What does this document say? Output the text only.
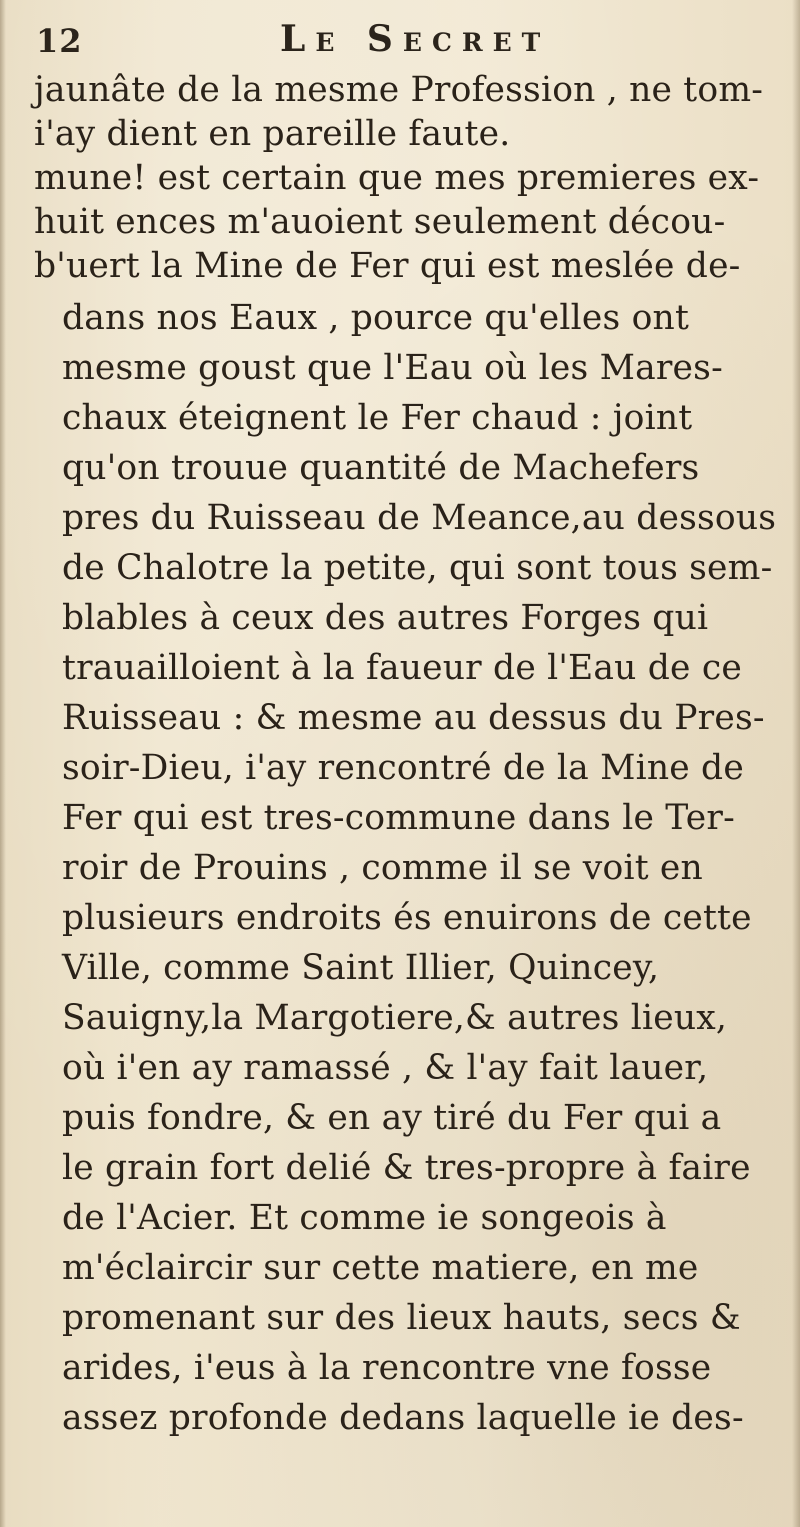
12	Le Secret
jaunâte de la mesme Profession , ne tom-
i'ay dient en pareille faute.
mune! est certain que mes premieres ex-
huit ences m'auoient seulement décou-
b'uert la Mine de Fer qui est meslée de-
dans nos Eaux , pource qu'elles ont
mesme goust que l'Eau où les Mares-
chaux éteignent le Fer chaud : joint
qu'on trouue quantité de Machefers
pres du Ruisseau de Meance,au dessous
de Chalotre la petite, qui sont tous sem-
blables à ceux des autres Forges qui
trauailloient à la faueur de l'Eau de ce
Ruisseau : & mesme au dessus du Pres-
soir-Dieu, i'ay rencontré de la Mine de
Fer qui est tres-commune dans le Ter-
roir de Prouins , comme il se voit en
plusieurs endroits és enuirons de cette
Ville, comme Saint Illier, Quincey,
Sauigny,la Margotiere,& autres lieux,
où i'en ay ramassé , & l'ay fait lauer,
puis fondre, & en ay tiré du Fer qui a
le grain fort delié & tres-propre à faire
de l'Acier. Et comme ie songeois à
m'éclaircir sur cette matiere, en me
promenant sur des lieux hauts, secs &
arides, i'eus à la rencontre vne fosse
assez profonde dedans laquelle ie des-
